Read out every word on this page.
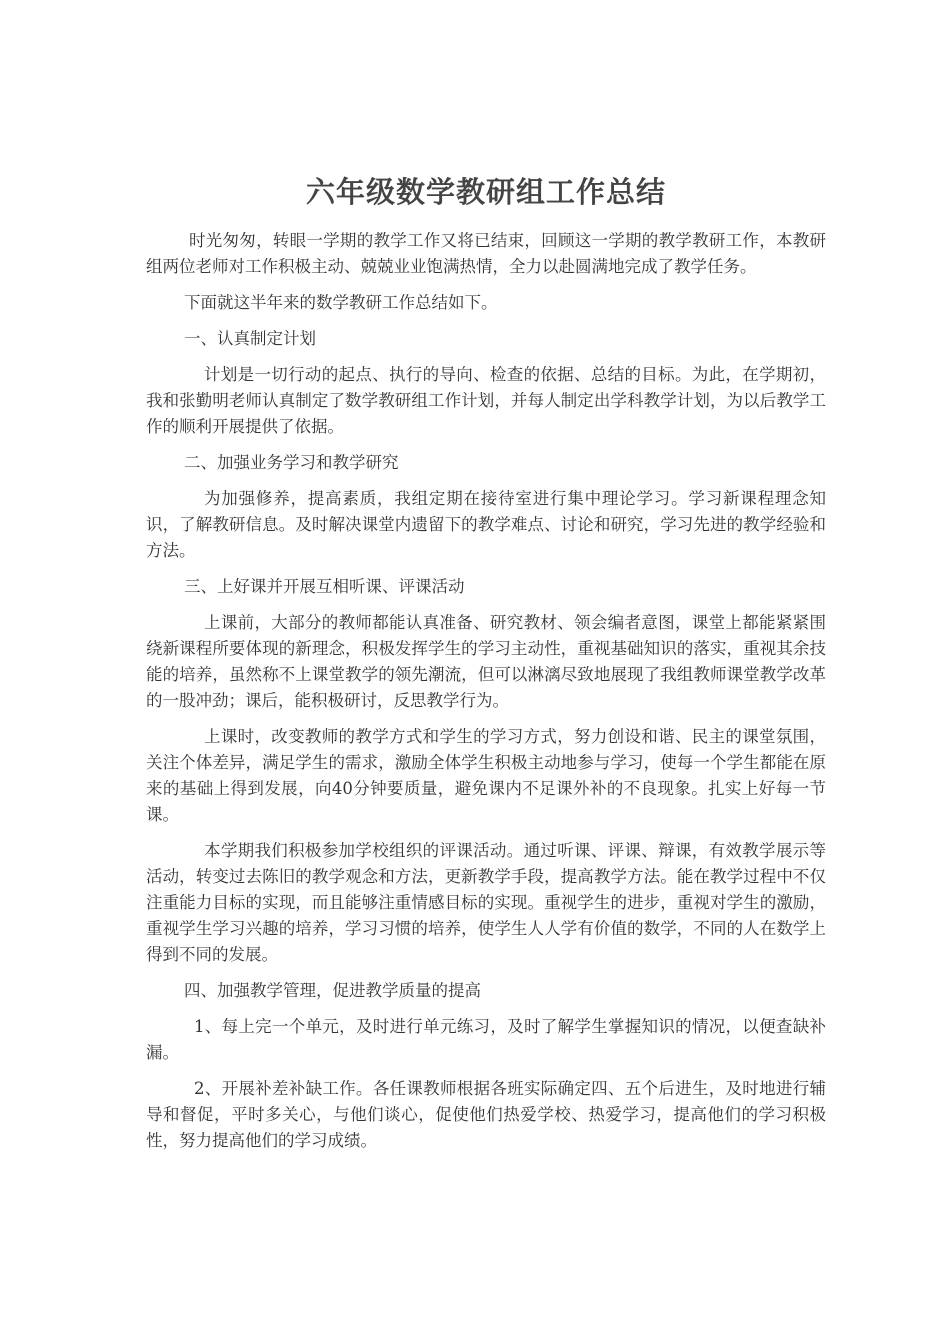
六年级数学教研组工作总结

时光匆匆，转眼一学期的教学工作又将已结束，回顾这一学期的教学教研工作，本教研组两位老师对工作积极主动、兢兢业业饱满热情，全力以赴圆满地完成了教学任务。

下面就这半年来的数学教研工作总结如下。

一、认真制定计划

计划是一切行动的起点、执行的导向、检查的依据、总结的目标。为此，在学期初，我和张勤明老师认真制定了数学教研组工作计划，并每人制定出学科教学计划，为以后教学工作的顺利开展提供了依据。

二、加强业务学习和教学研究

为加强修养，提高素质，我组定期在接待室进行集中理论学习。学习新课程理念知识，了解教研信息。及时解决课堂内遗留下的教学难点、讨论和研究，学习先进的教学经验和方法。

三、上好课并开展互相听课、评课活动

上课前，大部分的教师都能认真准备、研究教材、领会编者意图，课堂上都能紧紧围绕新课程所要体现的新理念，积极发挥学生的学习主动性，重视基础知识的落实，重视其余技能的培养，虽然称不上课堂教学的领先潮流，但可以淋漓尽致地展现了我组教师课堂教学改革的一股冲劲；课后，能积极研讨，反思教学行为。

上课时，改变教师的教学方式和学生的学习方式，努力创设和谐、民主的课堂氛围，关注个体差异，满足学生的需求，激励全体学生积极主动地参与学习，使每一个学生都能在原来的基础上得到发展，向40分钟要质量，避免课内不足课外补的不良现象。扎实上好每一节课。

本学期我们积极参加学校组织的评课活动。通过听课、评课、辩课，有效教学展示等活动，转变过去陈旧的教学观念和方法，更新教学手段，提高教学方法。能在教学过程中不仅注重能力目标的实现，而且能够注重情感目标的实现。重视学生的进步，重视对学生的激励，重视学生学习兴趣的培养，学习习惯的培养，使学生人人学有价值的数学，不同的人在数学上得到不同的发展。

四、加强教学管理，促进教学质量的提高

1、每上完一个单元，及时进行单元练习，及时了解学生掌握知识的情况，以便查缺补漏。

2、开展补差补缺工作。各任课教师根据各班实际确定四、五个后进生，及时地进行辅导和督促，平时多关心，与他们谈心，促使他们热爱学校、热爱学习，提高他们的学习积极性，努力提高他们的学习成绩。
